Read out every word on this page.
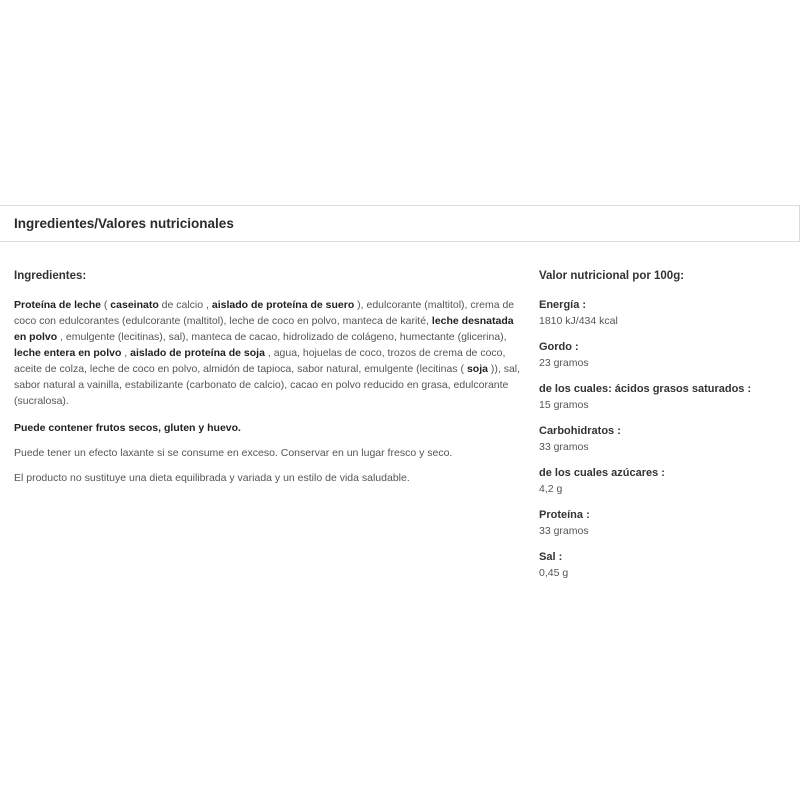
Ingredientes/Valores nutricionales

Ingredientes:

Proteína de leche ( caseinato de calcio , aislado de proteína de suero ), edulcorante (maltitol), crema de coco con edulcorantes (edulcorante (maltitol), leche de coco en polvo, manteca de karité, leche desnatada en polvo , emulgente (lecitinas), sal), manteca de cacao, hidrolizado de colágeno, humectante (glicerina), leche entera en polvo , aislado de proteína de soja , agua, hojuelas de coco, trozos de crema de coco, aceite de colza, leche de coco en polvo, almidón de tapioca, sabor natural, emulgente (lecitinas ( soja )), sal, sabor natural a vainilla, estabilizante (carbonato de calcio), cacao en polvo reducido en grasa, edulcorante (sucralosa).

Puede contener frutos secos, gluten y huevo.

Puede tener un efecto laxante si se consume en exceso. Conservar en un lugar fresco y seco.

El producto no sustituye una dieta equilibrada y variada y un estilo de vida saludable.

Valor nutricional por 100g:

Energía :
1810 kJ/434 kcal
Gordo :
23 gramos
de los cuales: ácidos grasos saturados :
15 gramos
Carbohidratos :
33 gramos
de los cuales azúcares :
4,2 g
Proteína :
33 gramos
Sal :
0,45 g
